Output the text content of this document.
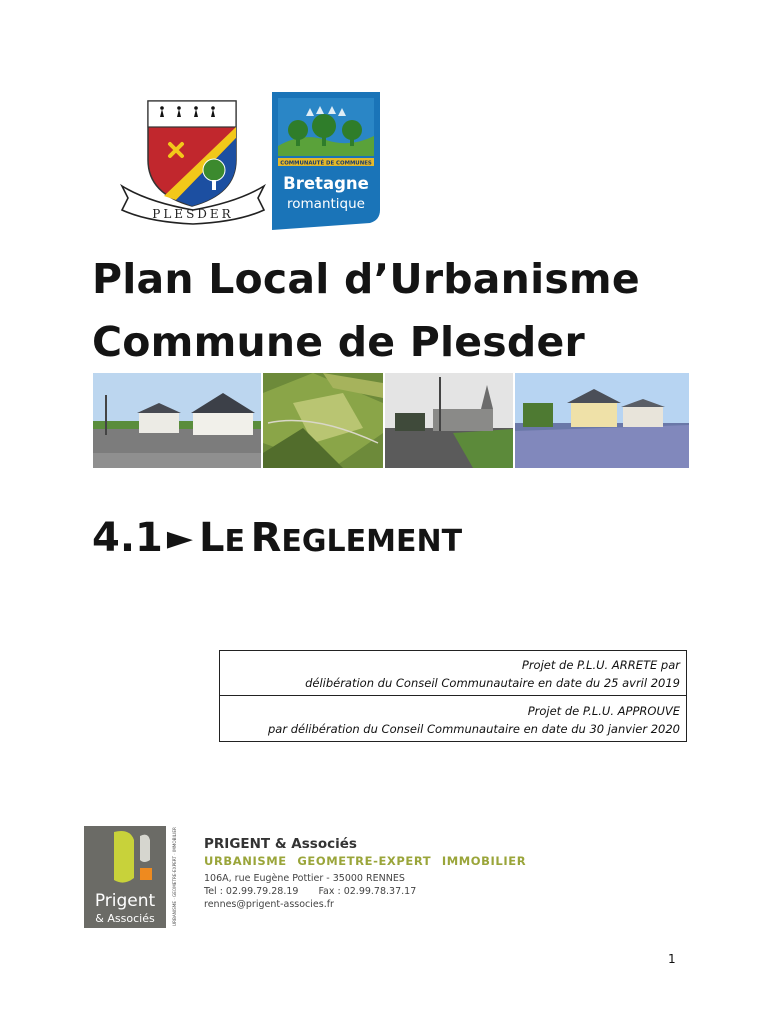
PLESDER
COMMUNAUTÉ DE COMMUNES
Bretagne
romantique
Plan Local d’Urbanisme
Commune de Plesder
4.1 ► LE REGLEMENT
Projet de P.L.U. ARRETE par
délibération du Conseil Communautaire en date du 25 avril 2019
Projet de P.L.U. APPROUVE
par délibération du Conseil Communautaire en date du 30 janvier 2020
Prigent
& Associés	URBANISME · GEOMETRE-EXPERT · IMMOBILIER PRIGENT & Associés
URBANISME GEOMETRE-EXPERT IMMOBILIER
106A, rue Eugène Pottier - 35000 RENNES
Tel : 02.99.79.28.19 Fax : 02.99.78.37.17
rennes@prigent-associes.fr
1
